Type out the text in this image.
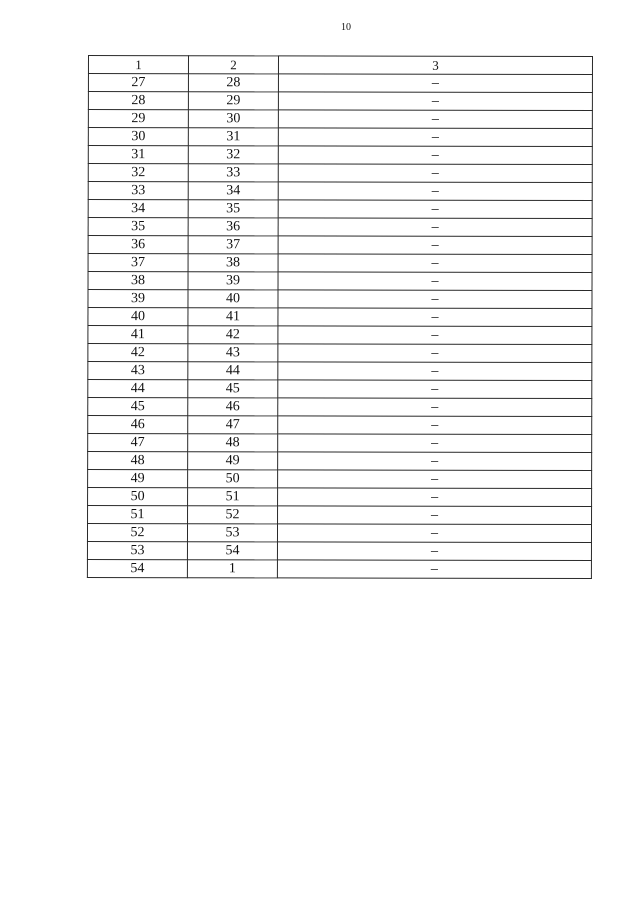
10
1	2	3
27	28	–
28	29	–
29	30	–
30	31	–
31	32	–
32	33	–
33	34	–
34	35	–
35	36	–
36	37	–
37	38	–
38	39	–
39	40	–
40	41	–
41	42	–
42	43	–
43	44	–
44	45	–
45	46	–
46	47	–
47	48	–
48	49	–
49	50	–
50	51	–
51	52	–
52	53	–
53	54	–
54	1	–
